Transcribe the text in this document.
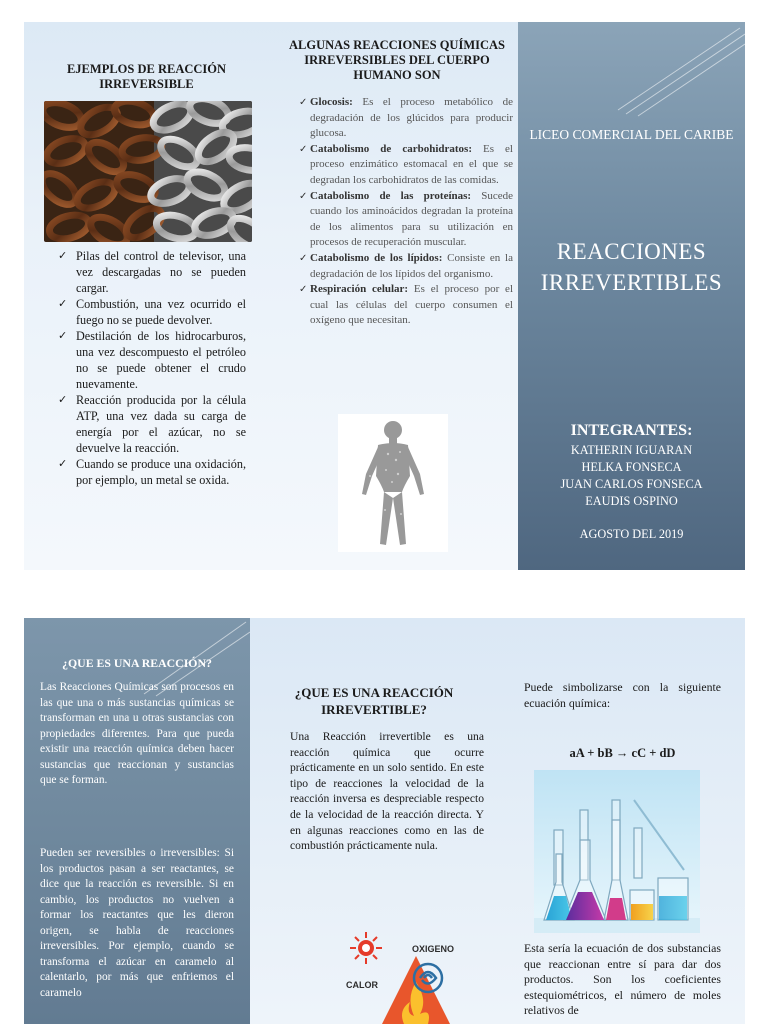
EJEMPLOS DE REACCIÓN IRREVERSIBLE
✓ Pilas del control de televisor, una vez descargadas no se pueden cargar.
✓ Combustión, una vez ocurrido el fuego no se puede devolver.
✓ Destilación de los hidrocarburos, una vez descompuesto el petróleo no se puede obtener el crudo nuevamente.
✓ Reacción producida por la célula ATP, una vez dada su carga de energía por el azúcar, no se devuelve la reacción.
✓ Cuando se produce una oxidación, por ejemplo, un metal se oxida.
ALGUNAS REACCIONES QUÍMICAS IRREVERSIBLES DEL CUERPO HUMANO SON
✓ Glocosis: Es el proceso metabólico de degradación de los glúcidos para producir glucosa.
✓ Catabolismo de carbohidratos: Es el proceso enzimático estomacal en el que se degradan los carbohidratos de las comidas.
✓ Catabolismo de las proteínas: Sucede cuando los aminoácidos degradan la proteína de los alimentos para su utilización en procesos de recuperación muscular.
✓ Catabolismo de los lípidos: Consiste en la degradación de los lípidos del organismo.
✓ Respiración celular: Es el proceso por el cual las células del cuerpo consumen el oxígeno que necesitan.
LICEO COMERCIAL DEL CARIBE
REACCIONES
IRREVERTIBLES
INTEGRANTES:
KATHERIN IGUARAN
HELKA FONSECA
JUAN CARLOS FONSECA
EAUDIS OSPINO
AGOSTO DEL 2019
¿QUE ES UNA REACCIÓN?

Las Reacciones Químicas son procesos en las que una o más sustancias químicas se transforman en una u otras sustancias con propiedades diferentes. Para que pueda existir una reacción química deben hacer sustancias que reaccionan y sustancias que se forman.

Pueden ser reversibles o irreversibles: Si los productos pasan a ser reactantes, se dice que la reacción es reversible. Si en cambio, los productos no vuelven a formar los reactantes que les dieron origen, se habla de reacciones irreversibles. Por ejemplo, cuando se transforma el azúcar en caramelo al calentarlo, por más que enfriemos el caramelo

¿QUE ES UNA REACCIÓN IRREVERTIBLE?

Una Reacción irrevertible es una reacción química que ocurre prácticamente en un solo sentido. En este tipo de reacciones la velocidad de la reacción inversa es despreciable respecto de la velocidad de la reacción directa. Y en algunas reacciones como en las de combustión prácticamente nula.

CALOR
OXIGENO

Puede simbolizarse con la siguiente ecuación química:

aA + bB → cC + dD

Esta sería la ecuación de dos substancias que reaccionan entre sí para dar dos productos. Son los coeficientes estequiométricos, el número de moles relativos de
